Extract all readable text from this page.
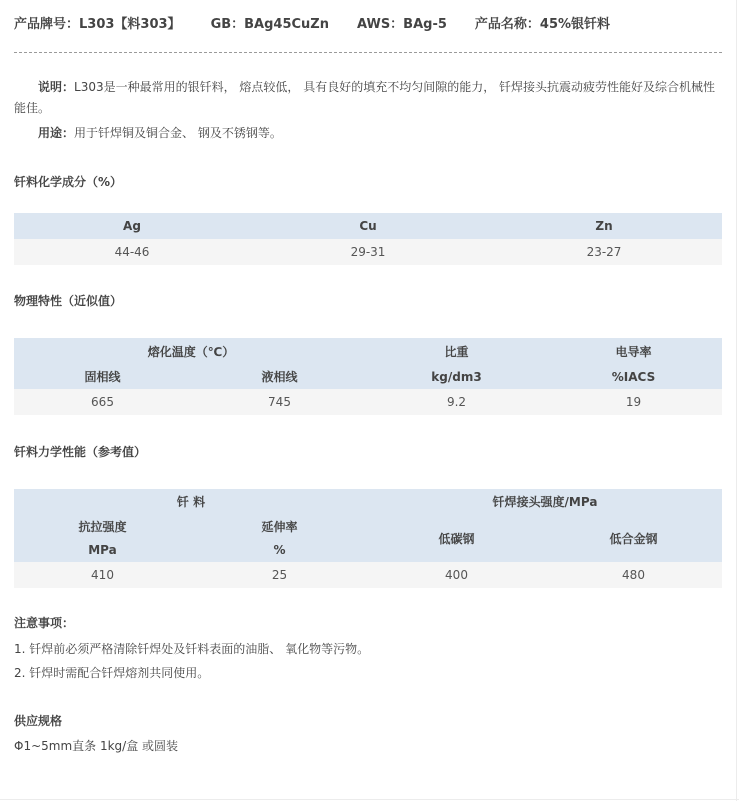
产品牌号：L303【料303】 GB：BAg45CuZn AWS：BAg-5 产品名称：45%银钎料

说明：L303是一种最常用的银钎料， 熔点较低， 具有良好的填充不均匀间隙的能力， 钎焊接头抗震动疲劳性能好及综合机械性能佳。

用途：用于钎焊铜及铜合金、 钢及不锈钢等。

钎料化学成分（%）

Ag	Cu	Zn
44-46	29-31	23-27

物理特性（近似值）

熔化温度（℃）		比重	电导率
固相线	液相线	kg/dm3	%IACS
665	745	9.2	19

钎料力学性能（参考值）

钎 料		钎焊接头强度/MPa	
抗拉强度	延伸率	低碳钢	低合金钢
MPa	%		
410	25	400	480

注意事项：

1. 钎焊前必须严格清除钎焊处及钎料表面的油脂、 氧化物等污物。

2. 钎焊时需配合钎焊熔剂共同使用。

供应规格

Φ1~5mm直条 1kg/盒 或圆装
